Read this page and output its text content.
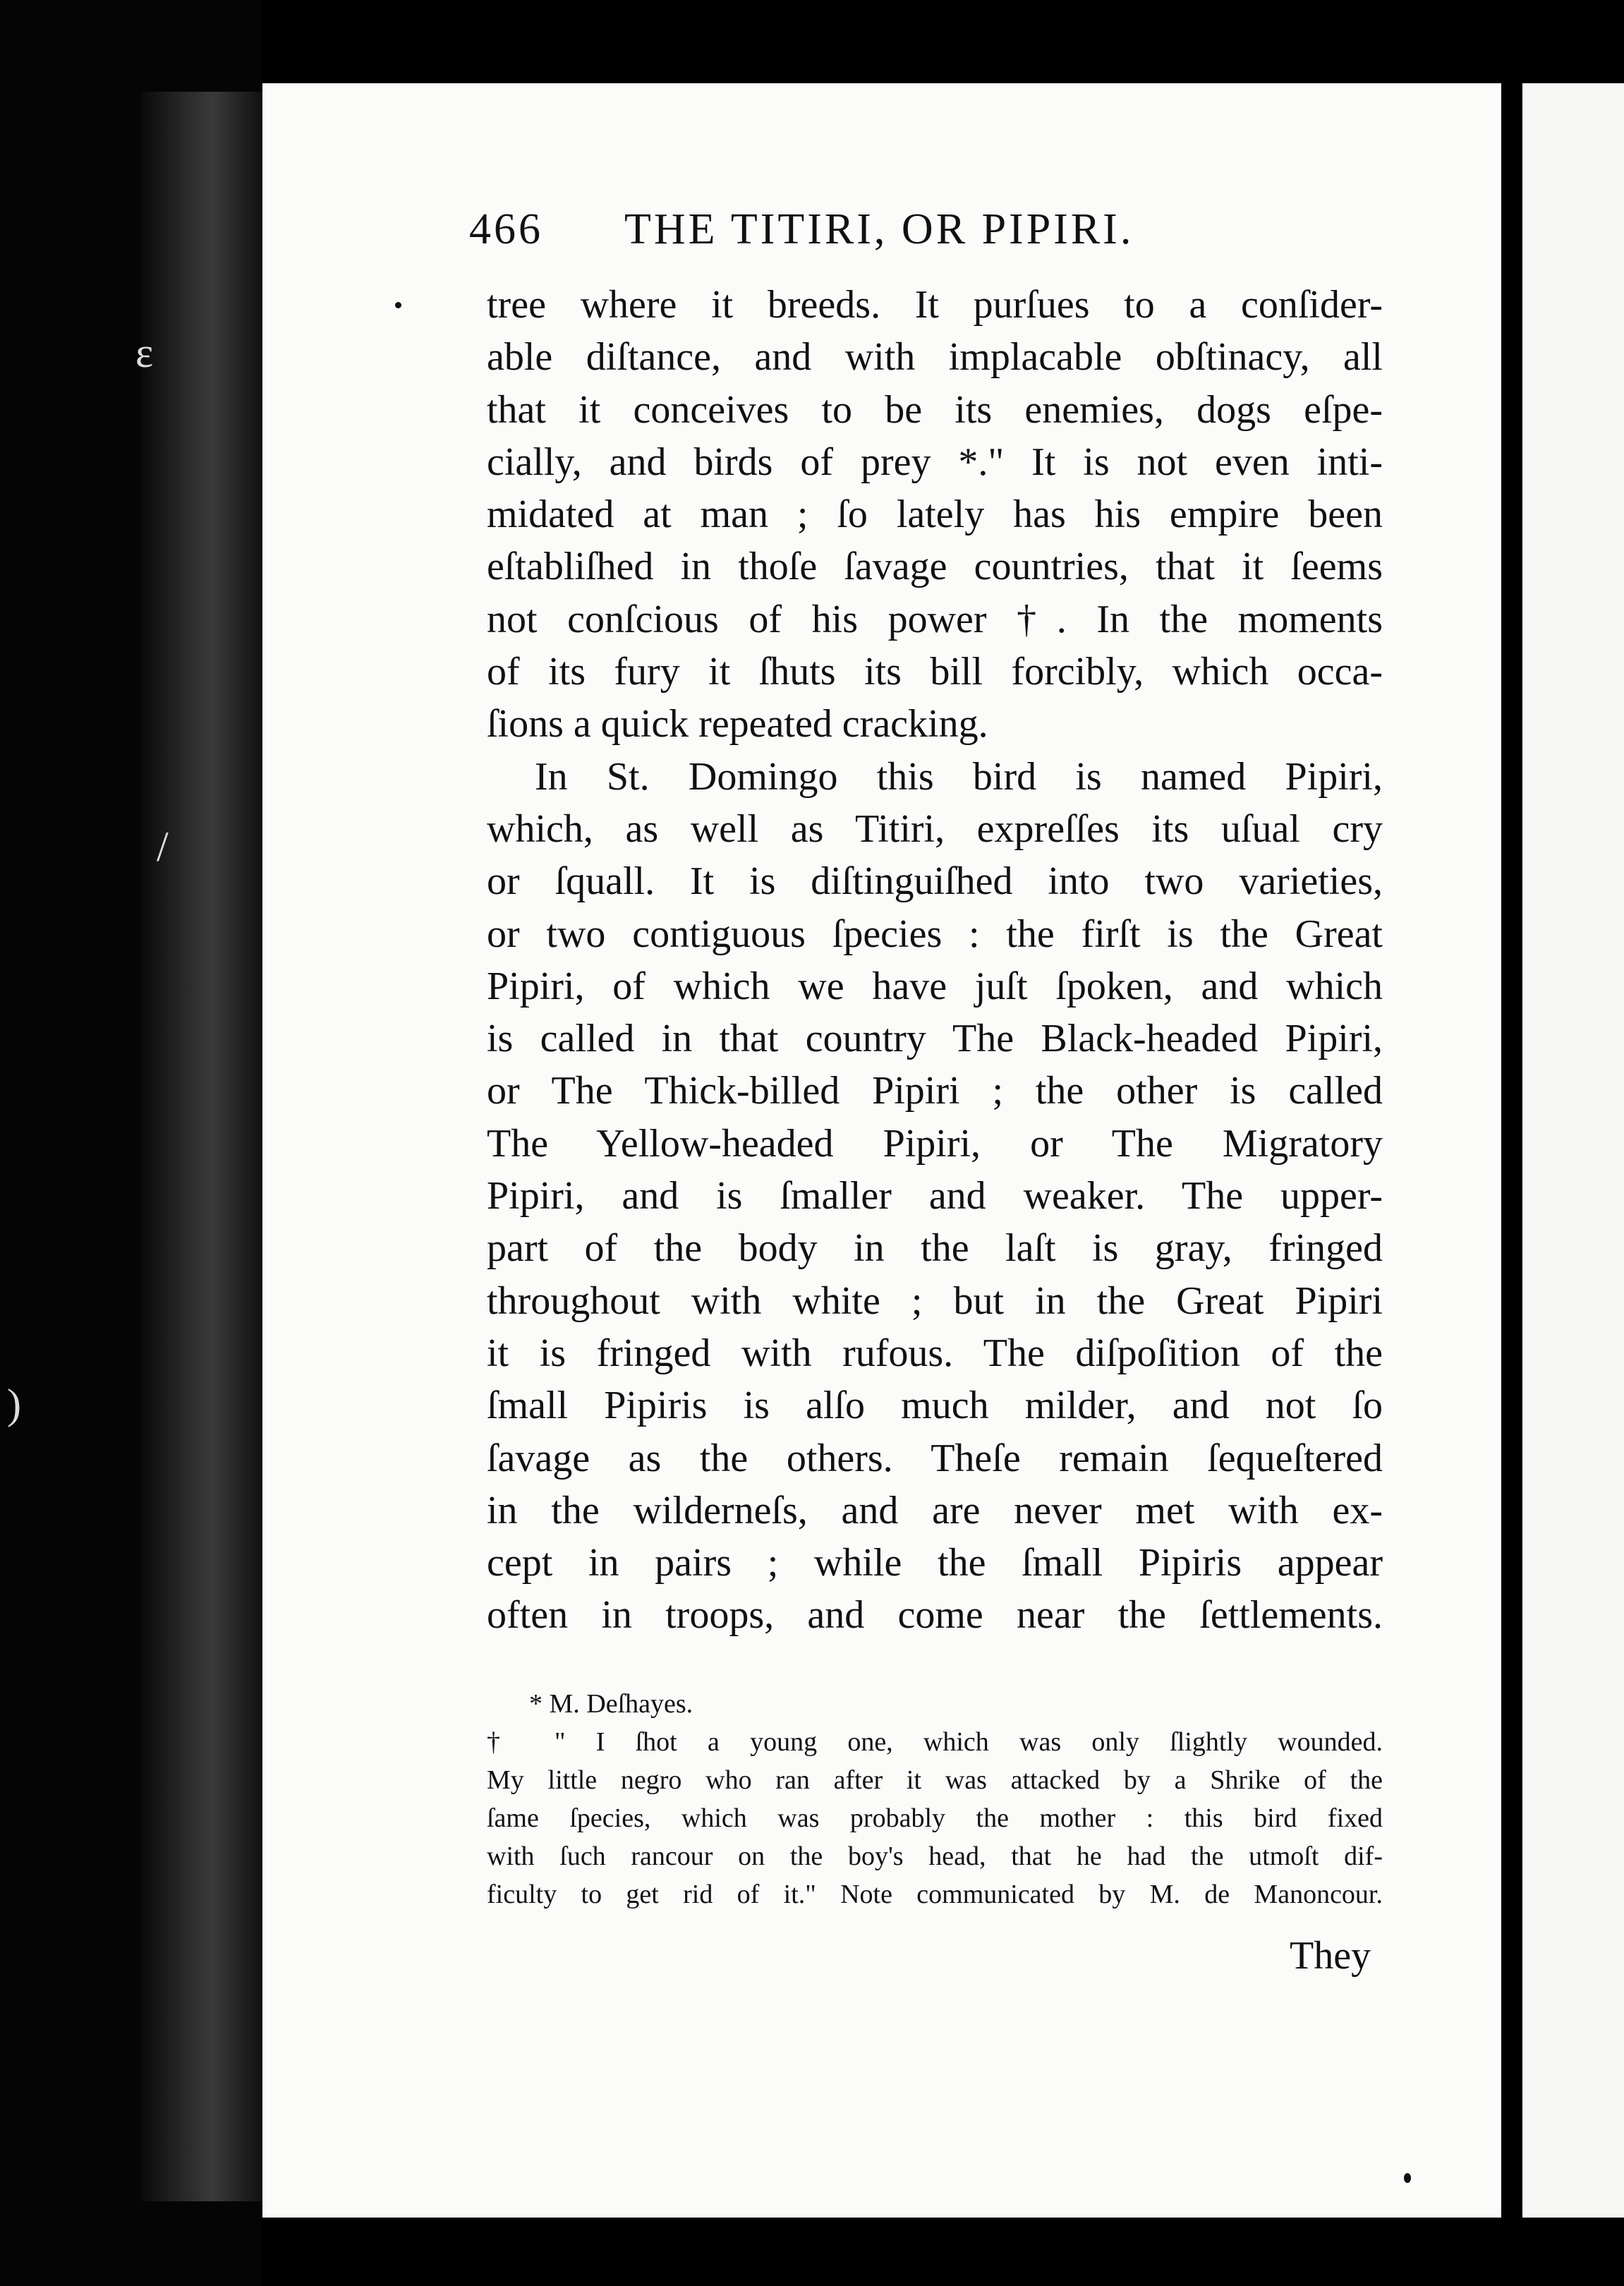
ε
/
)
466 THE TITIRI, OR PIPIRI.
tree where it breeds. It purſues to a conſider-
able diſtance, and with implacable obſtinacy, all
that it conceives to be its enemies, dogs eſpe-
cially, and birds of prey *." It is not even inti-
midated at man ; ſo lately has his empire been
eſtabliſhed in thoſe ſavage countries, that it ſeems
not conſcious of his power †. In the moments
of its fury it ſhuts its bill forcibly, which occa-
ſions a quick repeated cracking.
In St. Domingo this bird is named Pipiri,
which, as well as Titiri, expreſſes its uſual cry
or ſquall. It is diſtinguiſhed into two varieties,
or two contiguous ſpecies : the firſt is the Great
Pipiri, of which we have juſt ſpoken, and which
is called in that country The Black-headed Pipiri,
or The Thick-billed Pipiri ; the other is called
The Yellow-headed Pipiri, or The Migratory
Pipiri, and is ſmaller and weaker. The upper-
part of the body in the laſt is gray, fringed
throughout with white ; but in the Great Pipiri
it is fringed with rufous. The diſpoſition of the
ſmall Pipiris is alſo much milder, and not ſo
ſavage as the others. Theſe remain ſequeſtered
in the wilderneſs, and are never met with ex-
cept in pairs ; while the ſmall Pipiris appear
often in troops, and come near the ſettlements.
* M. Deſhayes.
† " I ſhot a young one, which was only ſlightly wounded.
My little negro who ran after it was attacked by a Shrike of the
ſame ſpecies, which was probably the mother : this bird fixed
with ſuch rancour on the boy's head, that he had the utmoſt dif-
ficulty to get rid of it." Note communicated by M. de Manoncour.
They
